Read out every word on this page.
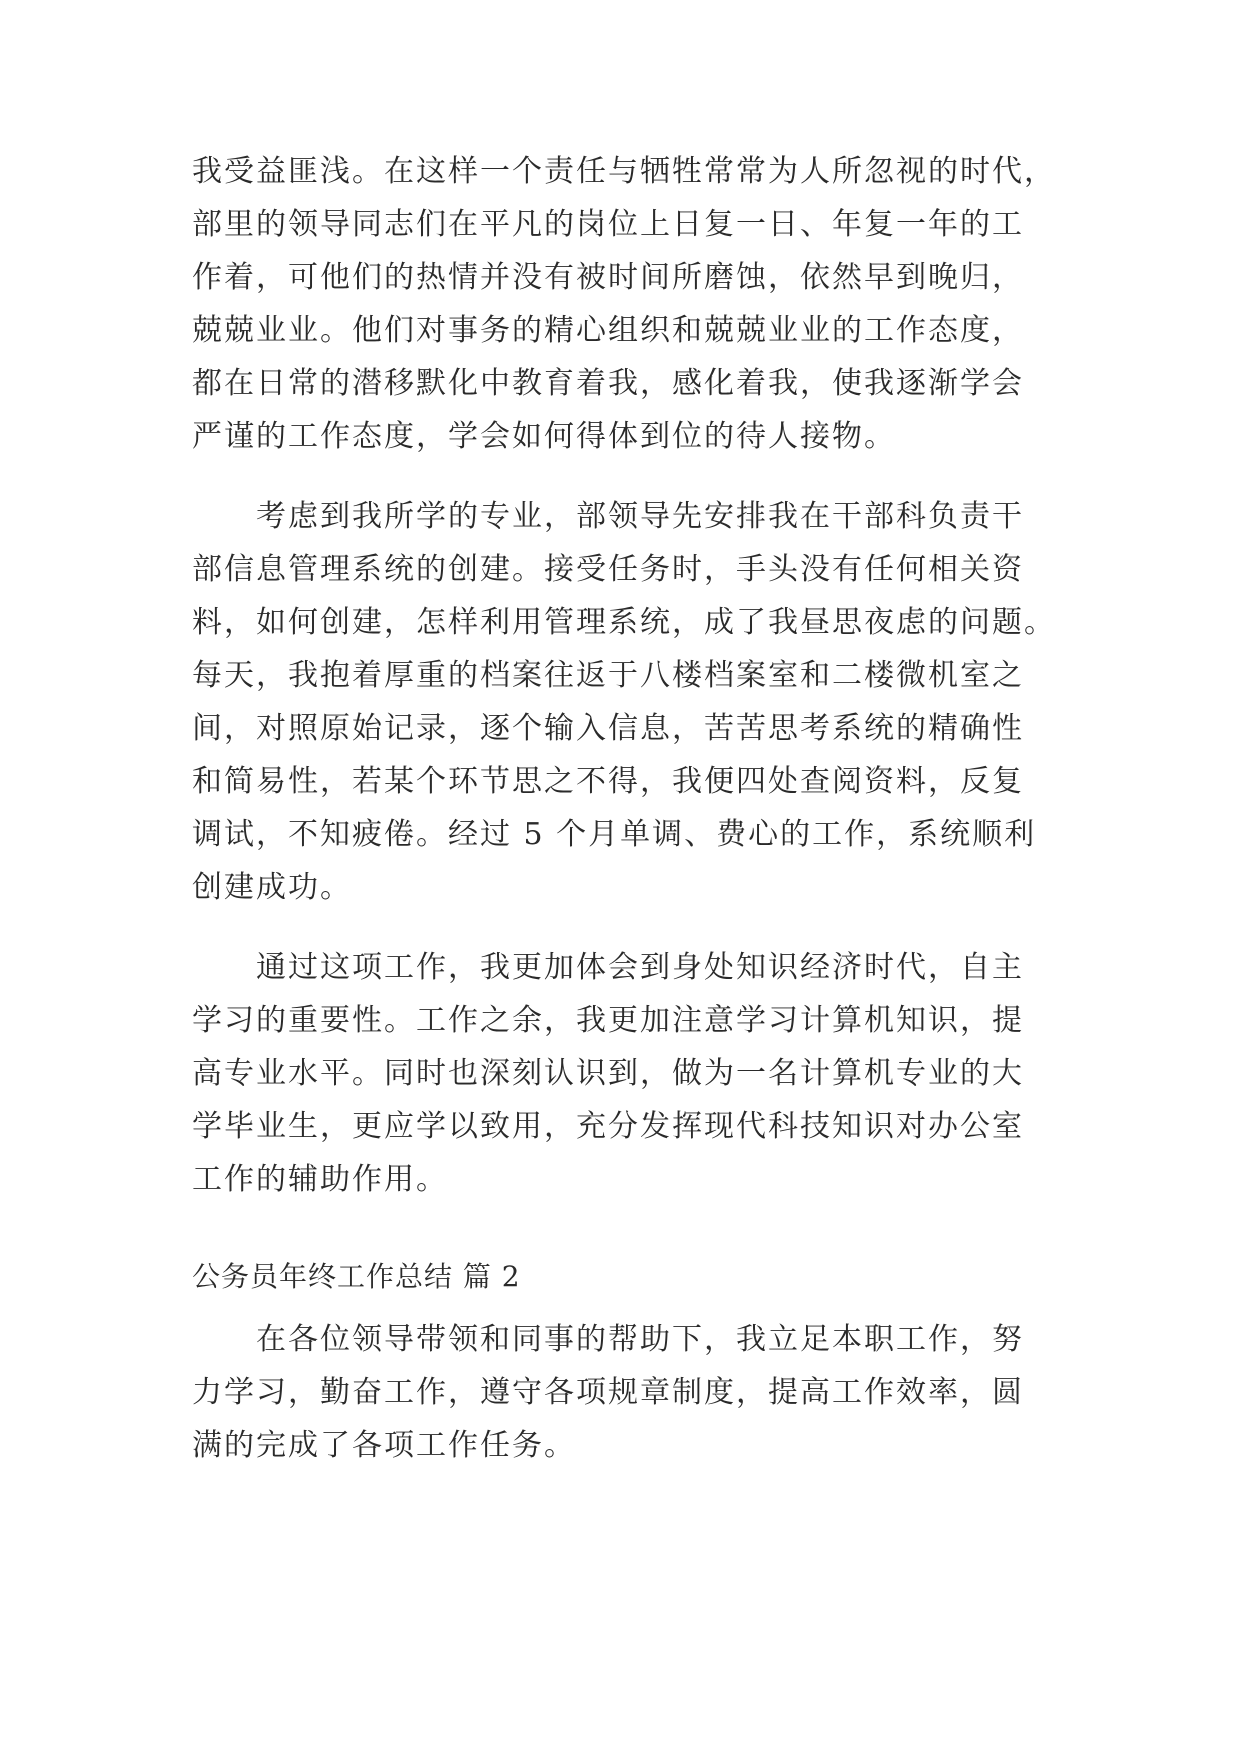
我受益匪浅。在这样一个责任与牺牲常常为人所忽视的时代，
部里的领导同志们在平凡的岗位上日复一日、年复一年的工
作着，可他们的热情并没有被时间所磨蚀，依然早到晚归，
兢兢业业。他们对事务的精心组织和兢兢业业的工作态度，
都在日常的潜移默化中教育着我，感化着我，使我逐渐学会
严谨的工作态度，学会如何得体到位的待人接物。
考虑到我所学的专业，部领导先安排我在干部科负责干
部信息管理系统的创建。接受任务时，手头没有任何相关资
料，如何创建，怎样利用管理系统，成了我昼思夜虑的问题。
每天，我抱着厚重的档案往返于八楼档案室和二楼微机室之
间，对照原始记录，逐个输入信息，苦苦思考系统的精确性
和简易性，若某个环节思之不得，我便四处查阅资料，反复
调试，不知疲倦。经过 5 个月单调、费心的工作，系统顺利
创建成功。
通过这项工作，我更加体会到身处知识经济时代，自主
学习的重要性。工作之余，我更加注意学习计算机知识，提
高专业水平。同时也深刻认识到，做为一名计算机专业的大
学毕业生，更应学以致用，充分发挥现代科技知识对办公室
工作的辅助作用。
公务员年终工作总结 篇 2
在各位领导带领和同事的帮助下，我立足本职工作，努
力学习，勤奋工作，遵守各项规章制度，提高工作效率，圆
满的完成了各项工作任务。
